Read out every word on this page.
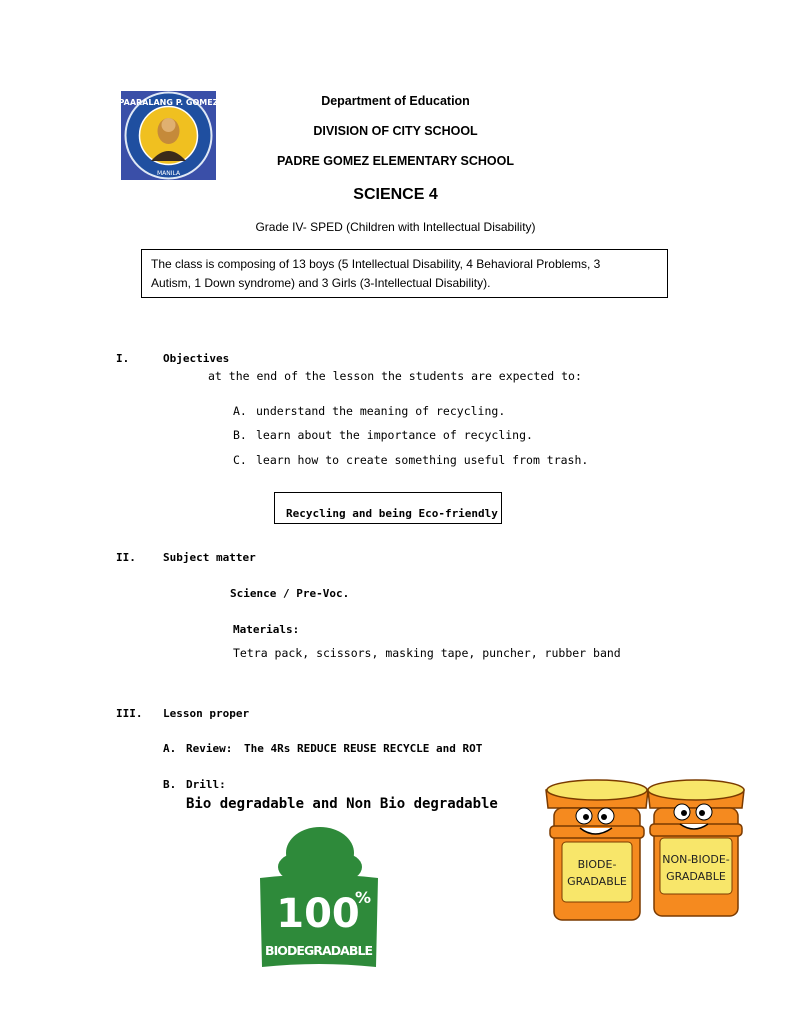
PAARALANG P. GOMEZ
MANILA
Department of Education
DIVISION OF CITY SCHOOL
PADRE GOMEZ ELEMENTARY SCHOOL
SCIENCE 4
Grade IV- SPED (Children with Intellectual Disability)
The class is composing of 13 boys (5 Intellectual Disability, 4 Behavioral Problems, 3
Autism, 1 Down syndrome) and 3 Girls (3-Intellectual Disability).
I.	Objectives
at the end of the lesson the students are expected to:
A. understand the meaning of recycling.
B. learn about the importance of recycling.
C. learn how to create something useful from trash.
Recycling and being Eco-friendly
II. Subject matter
Science / Pre-Voc.
Materials:
Tetra pack, scissors, masking tape, puncher, rubber band
III. Lesson proper
A. Review: The 4Rs REDUCE REUSE RECYCLE and ROT
B. Drill:
Bio degradable and Non Bio degradable
100
%
BIODEGRADABLE
BIODE-
GRADABLE
NON-BIODE-
GRADABLE
